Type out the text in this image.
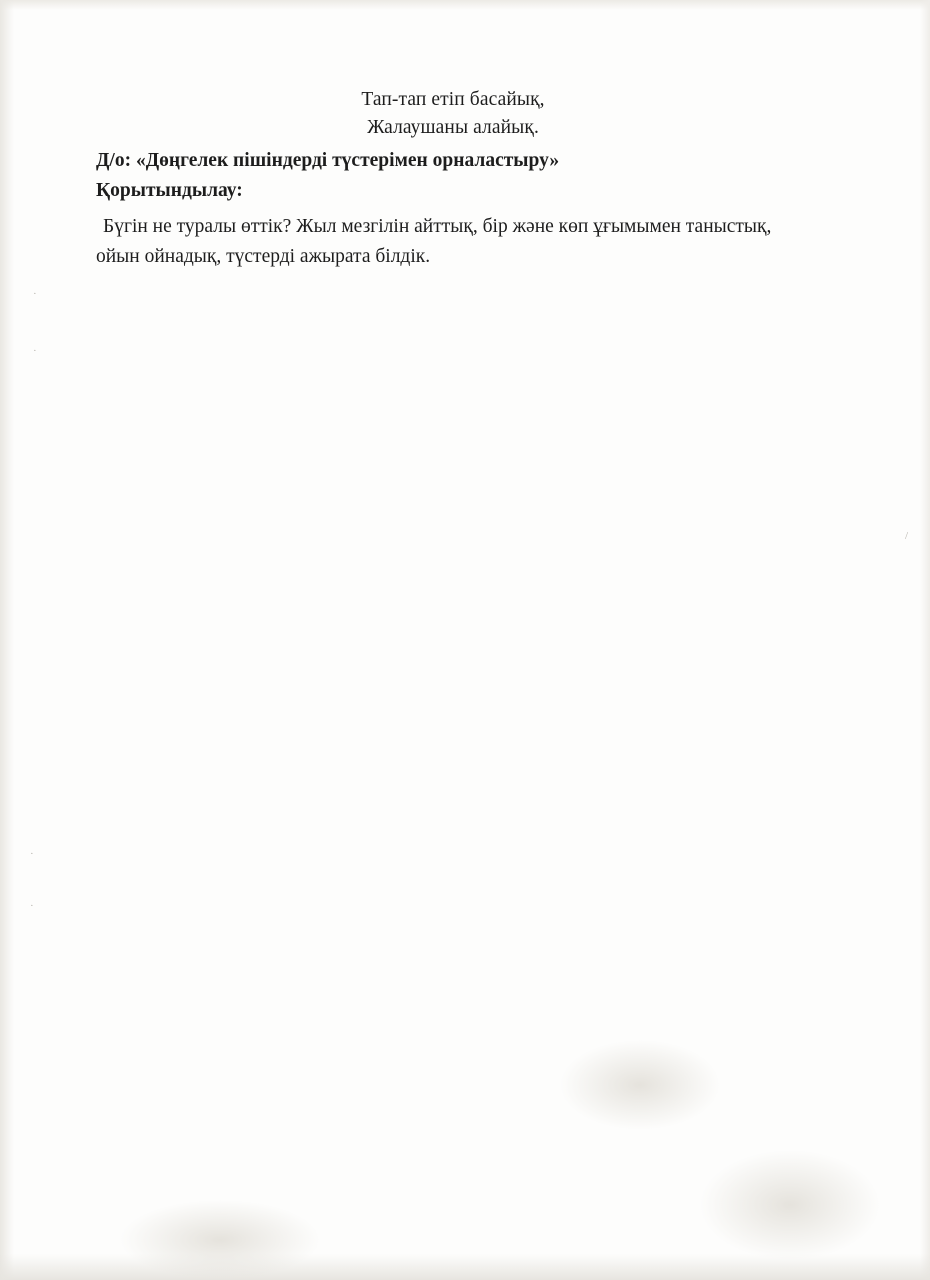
·
·
·
·
/
Тап-тап етіп басайық,
Жалаушаны алайық.
Д/о: «Дөңгелек пішіндерді түстерімен орналастыру»
Қорытындылау:
Бүгін не туралы өттік? Жыл мезгілін айттық, бір және көп ұғымымен таныстық, ойын ойнадық, түстерді ажырата білдік.
